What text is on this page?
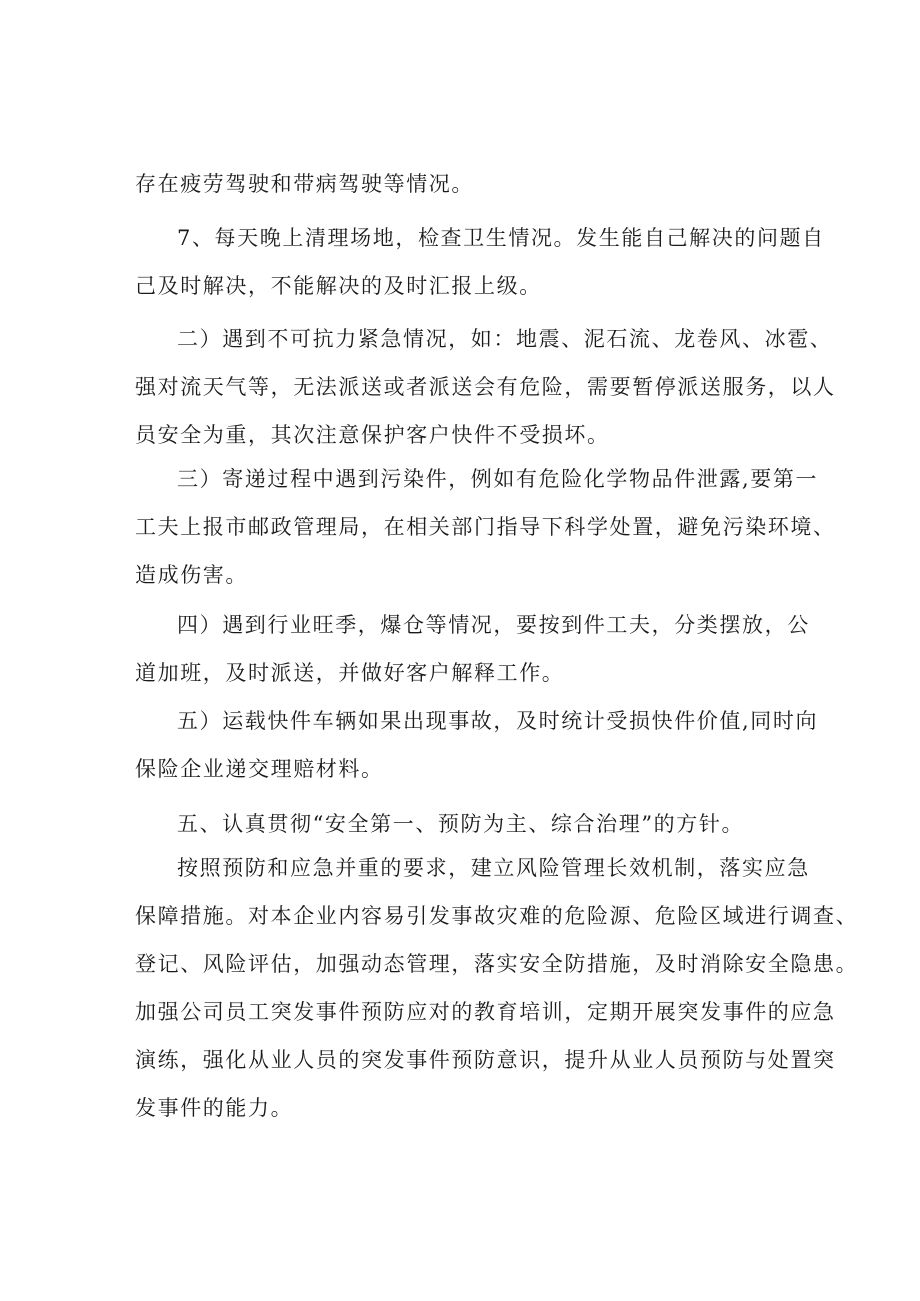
存在疲劳驾驶和带病驾驶等情况。
7、每天晚上清理场地，检查卫生情况。发生能自己解决的问题自
己及时解决，不能解决的及时汇报上级。
二）遇到不可抗力紧急情况，如：地震、泥石流、龙卷风、冰雹、
强对流天气等，无法派送或者派送会有危险，需要暂停派送服务，以人
员安全为重，其次注意保护客户快件不受损坏。
三）寄递过程中遇到污染件，例如有危险化学物品件泄露,要第一
工夫上报市邮政管理局，在相关部门指导下科学处置，避免污染环境、
造成伤害。
四）遇到行业旺季，爆仓等情况，要按到件工夫，分类摆放，公
道加班，及时派送，并做好客户解释工作。
五）运载快件车辆如果出现事故，及时统计受损快件价值,同时向
保险企业递交理赔材料。
五、认真贯彻“安全第一、预防为主、综合治理”的方针。
按照预防和应急并重的要求，建立风险管理长效机制，落实应急
保障措施。对本企业内容易引发事故灾难的危险源、危险区域进行调查、
登记、风险评估，加强动态管理，落实安全防措施，及时消除安全隐患。
加强公司员工突发事件预防应对的教育培训，定期开展突发事件的应急
演练，强化从业人员的突发事件预防意识，提升从业人员预防与处置突
发事件的能力。
